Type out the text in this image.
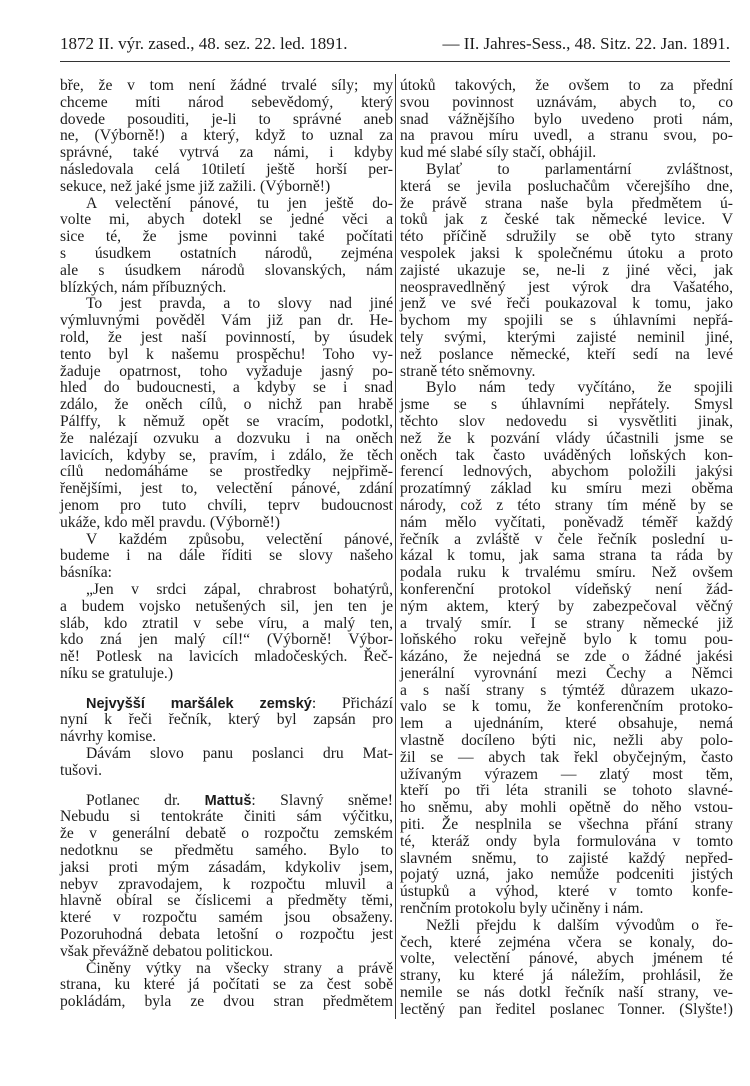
1872 II. výr. zased., 48. sez. 22. led. 1891.	— II. Jahres-Sess., 48. Sitz. 22. Jan. 1891.
bře, že v tom není žádné trvalé síly; my
chceme míti národ sebevědomý, který
dovede posouditi, je-li to správné aneb
ne, (Výborně!) a který, když to uznal za
správné, také vytrvá za námi, i kdyby
následovala celá 10tiletí ještě horší per-
sekuce, než jaké jsme již zažili. (Výborně!)
A velectění pánové, tu jen ještě do-
volte mi, abych dotekl se jedné věci a
sice té, že jsme povinni také počítati
s úsudkem ostatních národů, zejména
ale s úsudkem národů slovanských, nám
blízkých, nám příbuzných.
To jest pravda, a to slovy nad jiné
výmluvnými pověděl Vám již pan dr. He-
rold, že jest naší povinností, by úsudek
tento byl k našemu prospěchu! Toho vy-
žaduje opatrnost, toho vyžaduje jasný po-
hled do budoucnesti, a kdyby se i snad
zdálo, že oněch cílů, o nichž pan hrabě
Pálffy, k němuž opět se vracím, podotkl,
že nalézají ozvuku a dozvuku i na oněch
lavicích, kdyby se, pravím, i zdálo, že těch
cílů nedomáháme se prostředky nejpřimě-
řenějšími, jest to, velectění pánové, zdání
jenom pro tuto chvíli, teprv budoucnost
ukáže, kdo měl pravdu. (Výborně!)
V každém způsobu, velectění pánové,
budeme i na dále říditi se slovy našeho
básníka:
„Jen v srdci zápal, chrabrost bohatýrů,
a budem vojsko netušených sil, jen ten je
sláb, kdo ztratil v sebe víru, a malý ten,
kdo zná jen malý cíl!“ (Výborně! Výbor-
ně! Potlesk na lavicích mladočeských. Řeč-
níku se gratuluje.)
Nejvyšší maršálek zemský: Přichází
nyní k řeči řečník, který byl zapsán pro
návrhy komise.
Dávám slovo panu poslanci dru Mat-
tušovi.
Potlanec dr. Mattuš: Slavný sněme!
Nebudu si tentokráte činiti sám výčitku,
že v generální debatě o rozpočtu zemském
nedotknu se předmětu samého. Bylo to
jaksi proti mým zásadám, kdykoliv jsem,
nebyv zpravodajem, k rozpočtu mluvil a
hlavně obíral se číslicemi a předměty těmi,
které v rozpočtu samém jsou obsaženy.
Pozoruhodná debata letošní o rozpočtu jest
však převážně debatou politickou.
Činěny výtky na všecky strany a právě
strana, ku které já počítati se za čest sobě
pokládám, byla ze dvou stran předmětem
útoků takových, že ovšem to za přední
svou povinnost uznávám, abych to, co
snad vážnějšího bylo uvedeno proti nám,
na pravou míru uvedl, a stranu svou, po-
kud mé slabé síly stačí, obhájil.
Bylať to parlamentární zvláštnost,
která se jevila posluchačům včerejšího dne,
že právě strana naše byla předmětem ú-
toků jak z české tak německé levice. V
této příčině sdružily se obě tyto strany
vespolek jaksi k společnému útoku a proto
zajisté ukazuje se, ne-li z jiné věci, jak
neospravedlněný jest výrok dra Vašatého,
jenž ve své řeči poukazoval k tomu, jako
bychom my spojili se s úhlavními nepřá-
tely svými, kterými zajisté neminil jiné,
než poslance německé, kteří sedí na levé
straně této sněmovny.
Bylo nám tedy vyčítáno, že spojili
jsme se s úhlavními nepřátely. Smysl
těchto slov nedovedu si vysvětliti jinak,
než že k pozvání vlády účastnili jsme se
oněch tak často uváděných loňských kon-
ferencí lednových, abychom položili jakýsi
prozatímný základ ku smíru mezi oběma
národy, což z této strany tím méně by se
nám mělo vyčítati, poněvadž téměř každý
řečník a zvláště v čele řečník poslední u-
kázal k tomu, jak sama strana ta ráda by
podala ruku k trvalému smíru. Než ovšem
konferenční protokol vídeňský není žád-
ným aktem, který by zabezpečoval věčný
a trvalý smír. I se strany německé již
loňského roku veřejně bylo k tomu pou-
kázáno, že nejedná se zde o žádné jakési
jenerální vyrovnání mezi Čechy a Němci
a s naší strany s týmtéž důrazem ukazo-
valo se k tomu, že konferenčním protoko-
lem a ujednáním, které obsahuje, nemá
vlastně docíleno býti nic, nežli aby polo-
žil se — abych tak řekl obyčejným, často
užívaným výrazem — zlatý most těm,
kteří po tři léta stranili se tohoto slavné-
ho sněmu, aby mohli opětně do něho vstou-
piti. Že nesplnila se všechna přání strany
té, kteráž ondy byla formulována v tomto
slavném sněmu, to zajisté každý nepřed-
pojatý uzná, jako nemůže podceniti jistých
ústupků a výhod, které v tomto konfe-
renčním protokolu byly učiněny i nám.
Nežli přejdu k dalším vývodům o ře-
čech, které zejména včera se konaly, do-
volte, velectění pánové, abych jménem té
strany, ku které já náležím, prohlásil, že
nemile se nás dotkl řečník naší strany, ve-
lectěný pan ředitel poslanec Tonner. (Slyšte!)
